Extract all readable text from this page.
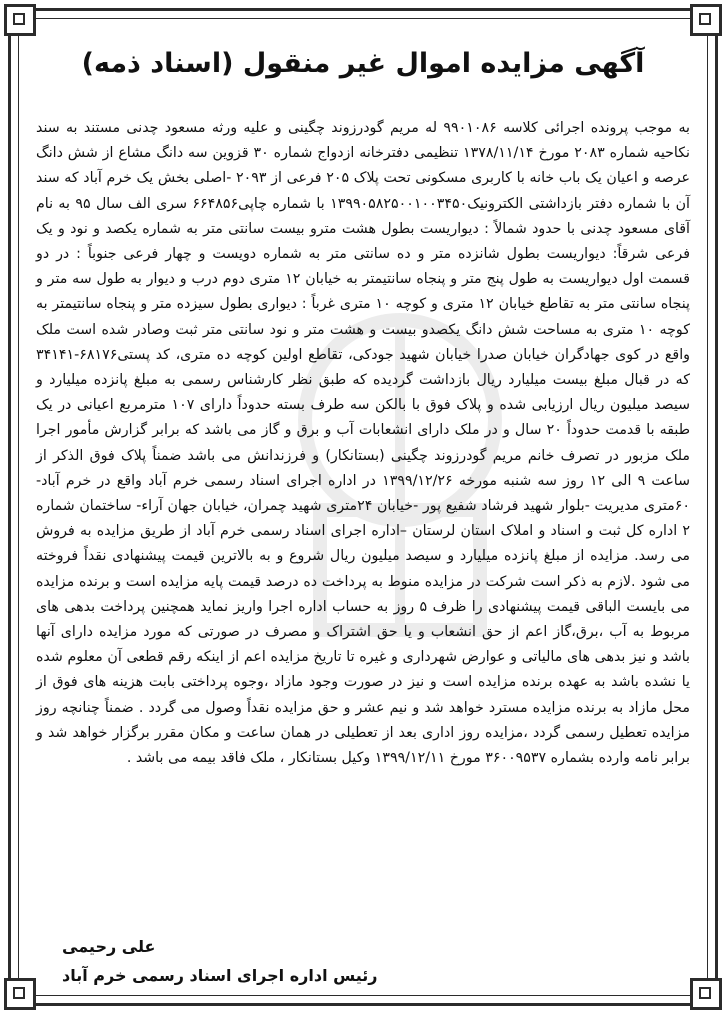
آگهی مزایده اموال غیر منقول (اسناد ذمه)
به موجب پرونده اجرائی کلاسه ۹۹۰۱۰۸۶ له مریم گودرزوند چگینی و علیه ورثه مسعود چدنی مستند به سند نکاحیه شماره ۲۰۸۳ مورخ ۱۳۷۸/۱۱/۱۴ تنظیمی دفترخانه ازدواج شماره ۳۰ قزوین سه دانگ مشاع از شش دانگ عرصه و اعیان یک باب خانه با کاربری مسکونی تحت پلاک ۲۰۵ فرعی از ۲۰۹۳ -اصلی بخش یک خرم آباد که سند آن با شماره دفتر بازداشتی الکترونیک۱۳۹۹۰۵۸۲۵۰۰۱۰۰۳۴۵۰ با شماره چاپی۶۶۴۸۵۶ سری الف سال ۹۵ به نام آقای مسعود چدنی با حدود شمالاً : دیواریست بطول هشت مترو بیست سانتی متر به شماره یکصد و نود و یک فرعی شرقاً: دیواریست بطول شانزده متر و ده سانتی متر به شماره دویست و چهار فرعی جنوباً : در دو قسمت اول دیواریست به طول پنج متر و پنجاه سانتیمتر به خیابان ۱۲ متری دوم درب و دیوار به طول سه متر و پنجاه سانتی متر به تقاطع خیابان ۱۲ متری و کوچه ۱۰ متری غرباً : دیواری بطول سیزده متر و پنجاه سانتیمتر به کوچه ۱۰ متری به مساحت شش دانگ یکصدو بیست و هشت متر و نود سانتی متر ثبت وصادر شده است ملک واقع در کوی جهادگران خیابان صدرا خیابان شهید جودکی، تقاطع اولین کوچه ده متری، کد پستی۶۸۱۷۶-۳۴۱۴۱ که در قبال مبلغ بیست میلیارد ریال بازداشت گردیده که طبق نظر کارشناس رسمی به مبلغ پانزده میلیارد و سیصد میلیون ریال ارزیابی شده و پلاک فوق با بالکن سه طرف بسته حدوداً دارای ۱۰۷ مترمربع اعیانی در یک طبقه با قدمت حدوداً ۲۰ سال و در ملک دارای انشعابات آب و برق و گاز می باشد که برابر گزارش مأمور اجرا ملک مزبور در تصرف خانم مریم گودرزوند چگینی (بستانکار) و فرزندانش می باشد ضمناً پلاک فوق الذکر از ساعت ۹ الی ۱۲ روز سه شنبه مورخه ۱۳۹۹/۱۲/۲۶ در اداره اجرای اسناد رسمی خرم آباد واقع در خرم آباد- ۶۰متری مدیریت -بلوار شهید فرشاد شفیع پور -خیابان ۲۴متری شهید چمران، خیابان جهان آراء- ساختمان شماره ۲ اداره کل ثبت و اسناد و املاک استان لرستان –اداره اجرای اسناد رسمی خرم آباد از طریق مزایده به فروش می رسد. مزایده از مبلغ پانزده میلیارد و سیصد میلیون ریال شروع و به بالاترین قیمت پیشنهادی نقداً فروخته می شود .لازم به ذکر است شرکت در مزایده منوط به پرداخت ده درصد قیمت پایه مزایده است و برنده مزایده می بایست الباقی قیمت پیشنهادی را ظرف ۵ روز به حساب اداره اجرا واریز نماید همچنین پرداخت بدهی های مربوط به آب ،برق،گاز اعم از حق انشعاب و یا حق اشتراک و مصرف در صورتی که مورد مزایده دارای آنها باشد و نیز بدهی های مالیاتی و عوارض شهرداری و غیره تا تاریخ مزایده اعم از اینکه رقم قطعی آن معلوم شده یا نشده باشد به عهده برنده مزایده است و نیز در صورت وجود مازاد ،وجوه پرداختی بابت هزینه های فوق از محل مازاد به برنده مزایده مسترد خواهد شد و نیم عشر و حق مزایده نقداً وصول می گردد . ضمناً چنانچه روز مزایده تعطیل رسمی گردد ،مزایده روز اداری بعد از تعطیلی در همان ساعت و مکان مقرر برگزار خواهد شد و برابر نامه وارده بشماره ۳۶۰۰۹۵۳۷ مورخ ۱۳۹۹/۱۲/۱۱ وکیل بستانکار ، ملک فاقد بیمه می باشد .
علی رحیمی
رئیس اداره اجرای اسناد رسمی خرم آباد
